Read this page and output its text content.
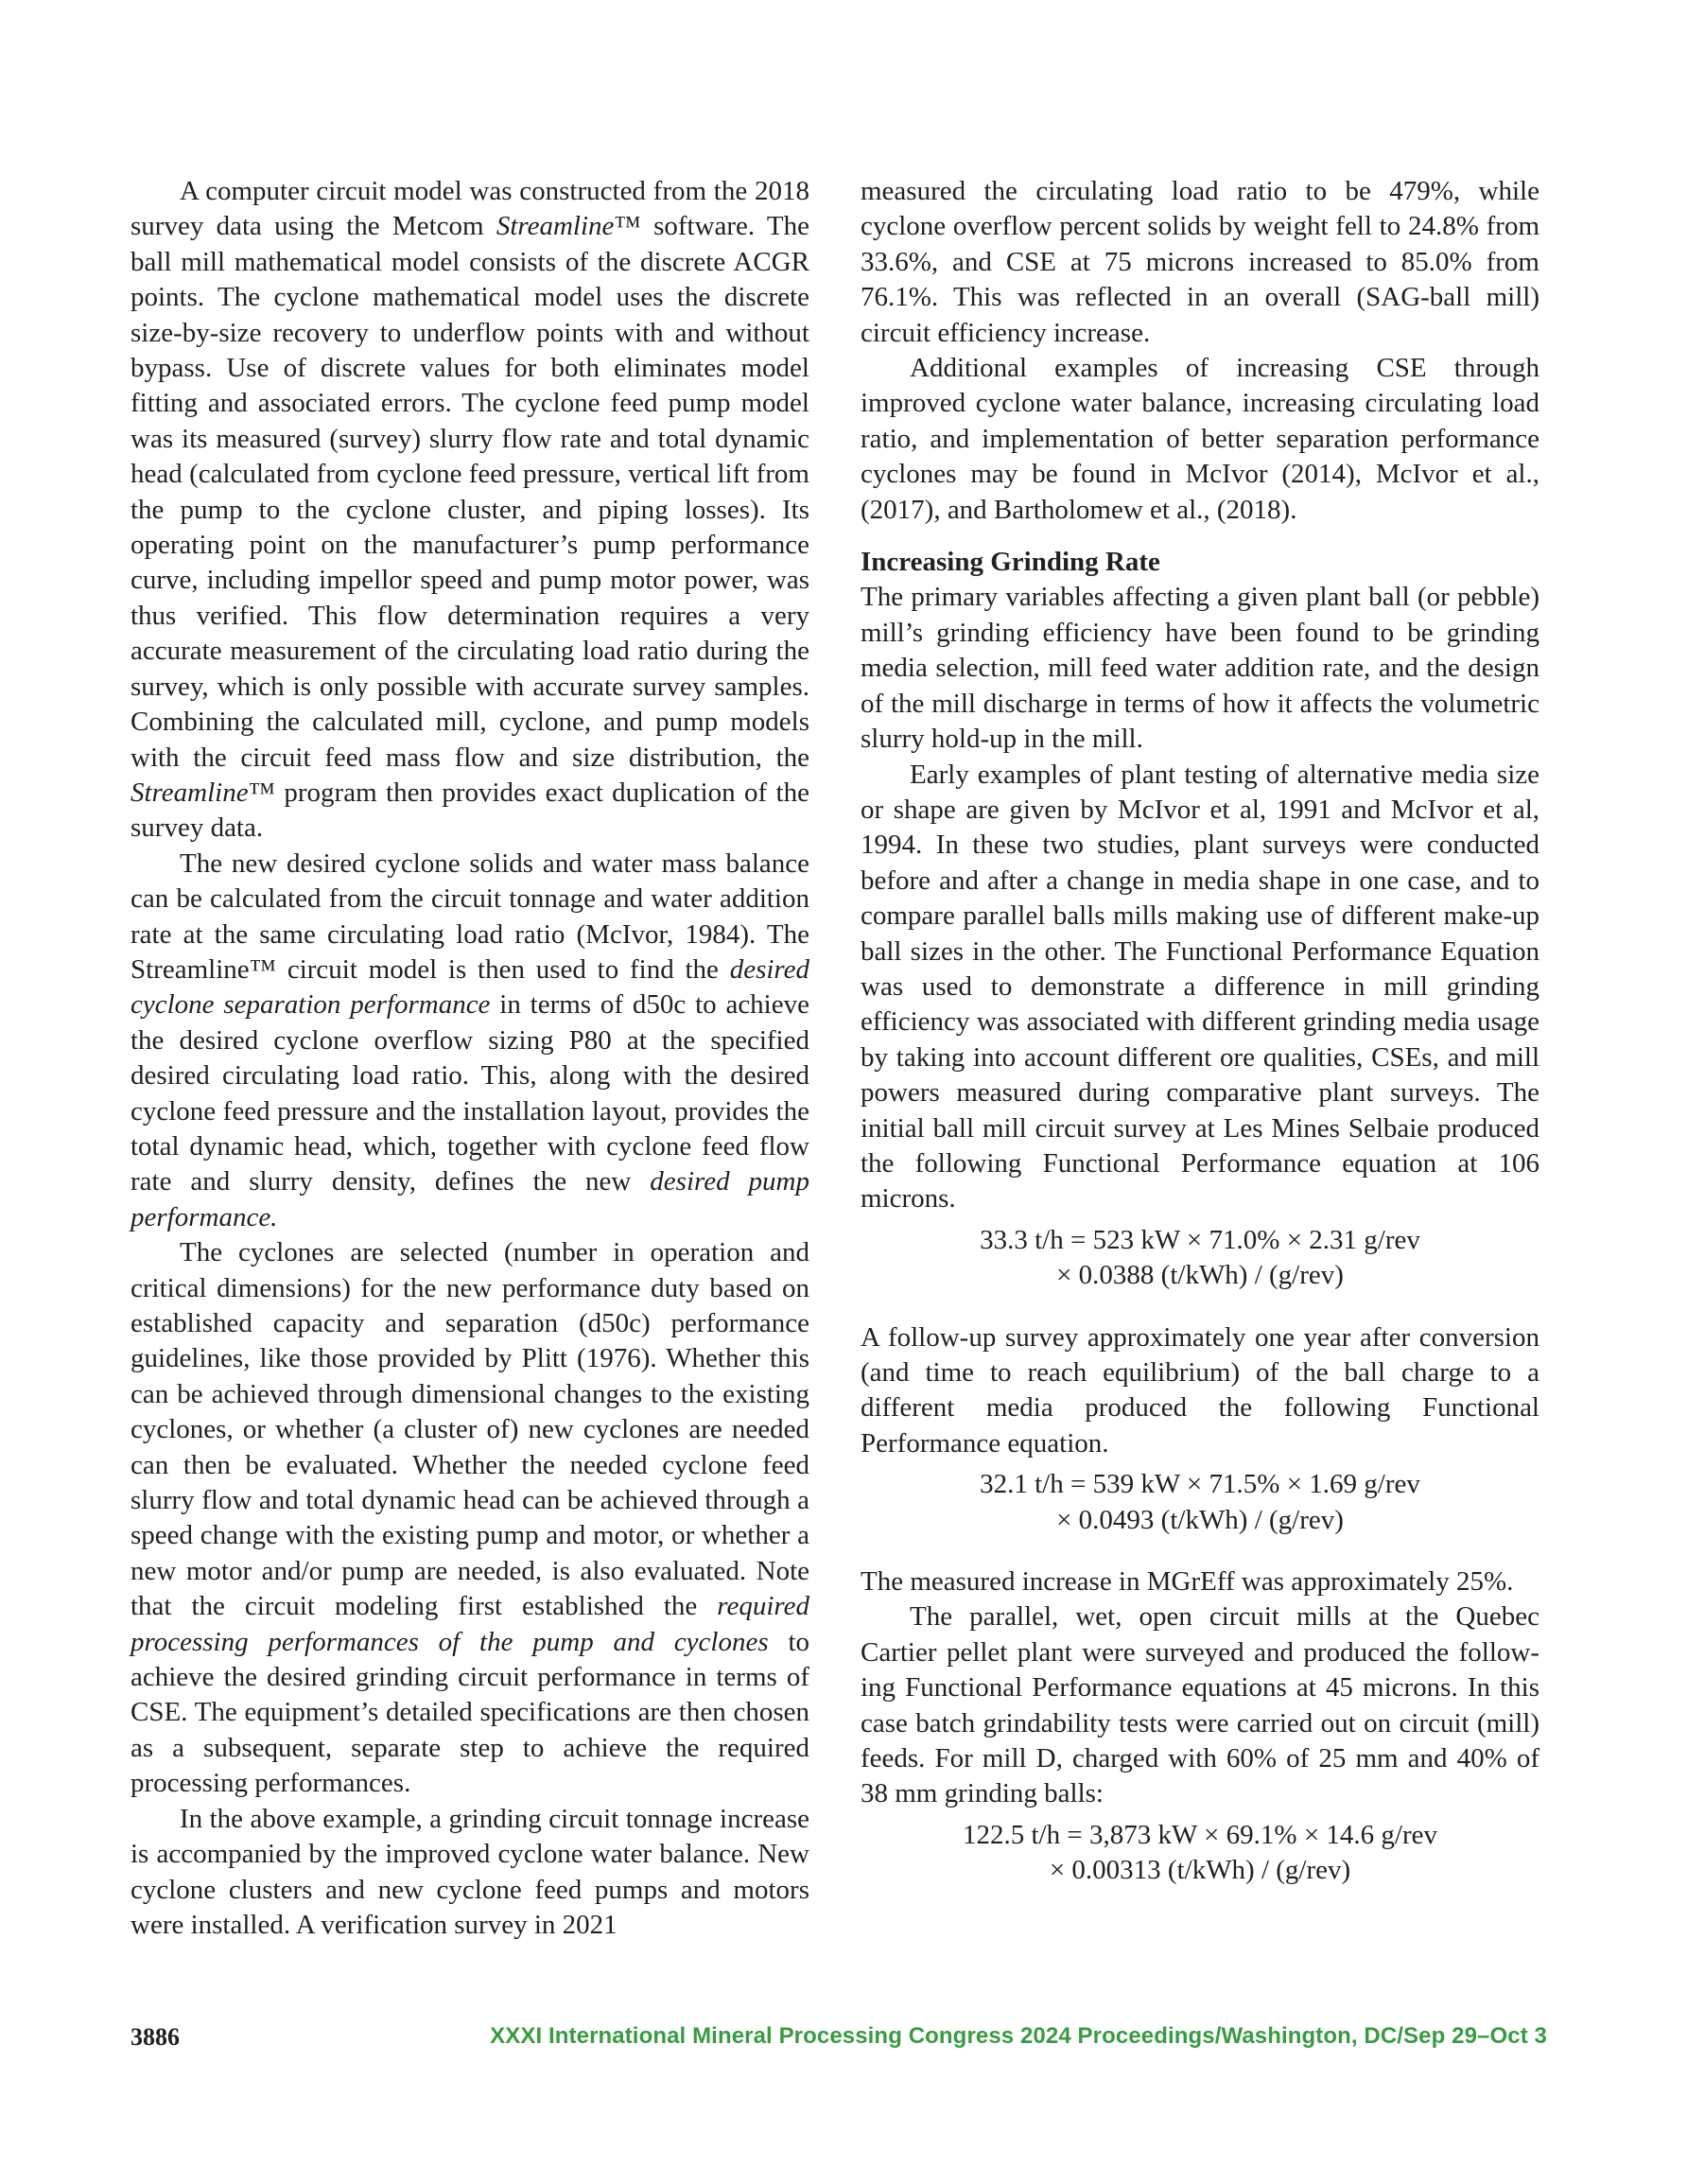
A computer circuit model was constructed from the 2018 survey data using the Metcom Streamline™ software. The ball mill mathematical model consists of the discrete ACGR points. The cyclone mathematical model uses the discrete size-by-size recovery to underflow points with and without bypass. Use of discrete values for both eliminates model fitting and associated errors. The cyclone feed pump model was its measured (survey) slurry flow rate and total dynamic head (calculated from cyclone feed pressure, vertical lift from the pump to the cyclone cluster, and piping losses). Its operating point on the manufacturer’s pump performance curve, including impellor speed and pump motor power, was thus verified. This flow determination requires a very accurate measurement of the circulating load ratio during the survey, which is only possible with accurate survey samples. Combining the calculated mill, cyclone, and pump models with the circuit feed mass flow and size distribution, the Streamline™ program then provides exact duplication of the survey data.

The new desired cyclone solids and water mass balance can be calculated from the circuit tonnage and water addition rate at the same circulating load ratio (McIvor, 1984). The Streamline™ circuit model is then used to find the desired cyclone separation performance in terms of d50c to achieve the desired cyclone overflow sizing P80 at the specified desired circulating load ratio. This, along with the desired cyclone feed pressure and the installation layout, provides the total dynamic head, which, together with cyclone feed flow rate and slurry density, defines the new desired pump performance.

The cyclones are selected (number in operation and critical dimensions) for the new performance duty based on established capacity and separation (d50c) performance guidelines, like those provided by Plitt (1976). Whether this can be achieved through dimensional changes to the existing cyclones, or whether (a cluster of) new cyclones are needed can then be evaluated. Whether the needed cyclone feed slurry flow and total dynamic head can be achieved through a speed change with the existing pump and motor, or whether a new motor and/or pump are needed, is also evaluated. Note that the circuit modeling first established the required processing performances of the pump and cyclones to achieve the desired grinding circuit performance in terms of CSE. The equipment’s detailed specifications are then chosen as a subsequent, separate step to achieve the required processing performances.

In the above example, a grinding circuit tonnage increase is accompanied by the improved cyclone water balance. New cyclone clusters and new cyclone feed pumps and motors were installed. A verification survey in 2021

measured the circulating load ratio to be 479%, while cyclone overflow percent solids by weight fell to 24.8% from 33.6%, and CSE at 75 microns increased to 85.0% from 76.1%. This was reflected in an overall (SAG-ball mill) circuit efficiency increase.

Additional examples of increasing CSE through improved cyclone water balance, increasing circulating load ratio, and implementation of better separation performance cyclones may be found in McIvor (2014), McIvor et al., (2017), and Bartholomew et al., (2018).

Increasing Grinding Rate

The primary variables affecting a given plant ball (or pebble) mill’s grinding efficiency have been found to be grinding media selection, mill feed water addition rate, and the design of the mill discharge in terms of how it affects the volumetric slurry hold-up in the mill.

Early examples of plant testing of alternative media size or shape are given by McIvor et al, 1991 and McIvor et al, 1994. In these two studies, plant surveys were conducted before and after a change in media shape in one case, and to compare parallel balls mills making use of different make-up ball sizes in the other. The Functional Performance Equation was used to demonstrate a difference in mill grinding efficiency was associated with different grinding media usage by taking into account different ore qualities, CSEs, and mill powers measured during comparative plant surveys. The initial ball mill circuit survey at Les Mines Selbaie produced the following Functional Performance equation at 106 microns.

33.3 t/h = 523 kW × 71.0% × 2.31 g/rev
× 0.0388 (t/kWh) / (g/rev)

A follow-up survey approximately one year after conversion (and time to reach equilibrium) of the ball charge to a different media produced the following Functional Performance equation.

32.1 t/h = 539 kW × 71.5% × 1.69 g/rev
× 0.0493 (t/kWh) / (g/rev)

The measured increase in MGrEff was approximately 25%.

The parallel, wet, open circuit mills at the Quebec Cartier pellet plant were surveyed and produced the following Functional Performance equations at 45 microns. In this case batch grindability tests were carried out on circuit (mill) feeds. For mill D, charged with 60% of 25 mm and 40% of 38 mm grinding balls:

122.5 t/h = 3,873 kW × 69.1% × 14.6 g/rev
× 0.00313 (t/kWh) / (g/rev)
3886	XXXI International Mineral Processing Congress 2024 Proceedings/Washington, DC/Sep 29–Oct 3
